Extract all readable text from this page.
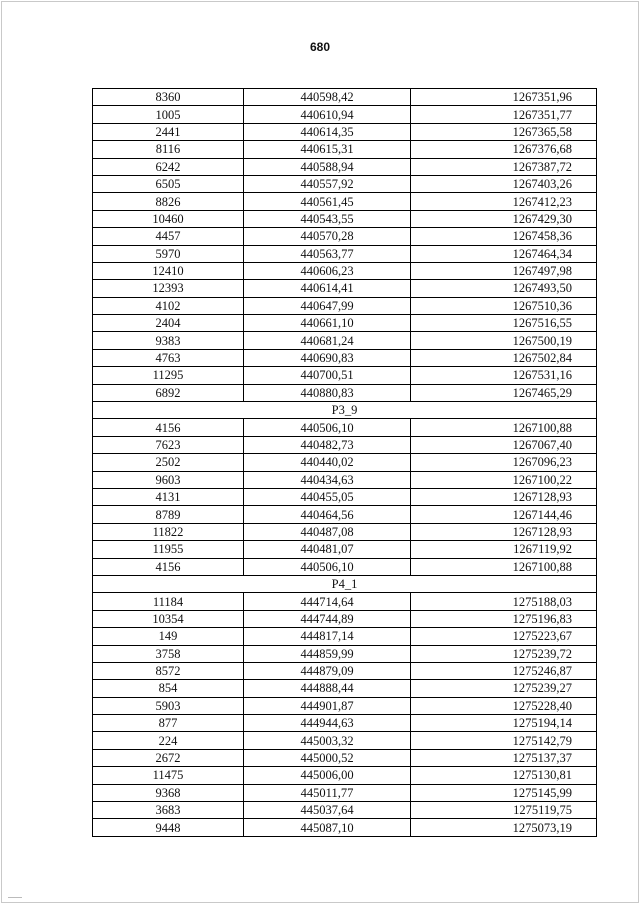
680
8360	440598,42	1267351,96
1005	440610,94	1267351,77
2441	440614,35	1267365,58
8116	440615,31	1267376,68
6242	440588,94	1267387,72
6505	440557,92	1267403,26
8826	440561,45	1267412,23
10460	440543,55	1267429,30
4457	440570,28	1267458,36
5970	440563,77	1267464,34
12410	440606,23	1267497,98
12393	440614,41	1267493,50
4102	440647,99	1267510,36
2404	440661,10	1267516,55
9383	440681,24	1267500,19
4763	440690,83	1267502,84
11295	440700,51	1267531,16
6892	440880,83	1267465,29
P3_9		
4156	440506,10	1267100,88
7623	440482,73	1267067,40
2502	440440,02	1267096,23
9603	440434,63	1267100,22
4131	440455,05	1267128,93
8789	440464,56	1267144,46
11822	440487,08	1267128,93
11955	440481,07	1267119,92
4156	440506,10	1267100,88
P4_1		
11184	444714,64	1275188,03
10354	444744,89	1275196,83
149	444817,14	1275223,67
3758	444859,99	1275239,72
8572	444879,09	1275246,87
854	444888,44	1275239,27
5903	444901,87	1275228,40
877	444944,63	1275194,14
224	445003,32	1275142,79
2672	445000,52	1275137,37
11475	445006,00	1275130,81
9368	445011,77	1275145,99
3683	445037,64	1275119,75
9448	445087,10	1275073,19
